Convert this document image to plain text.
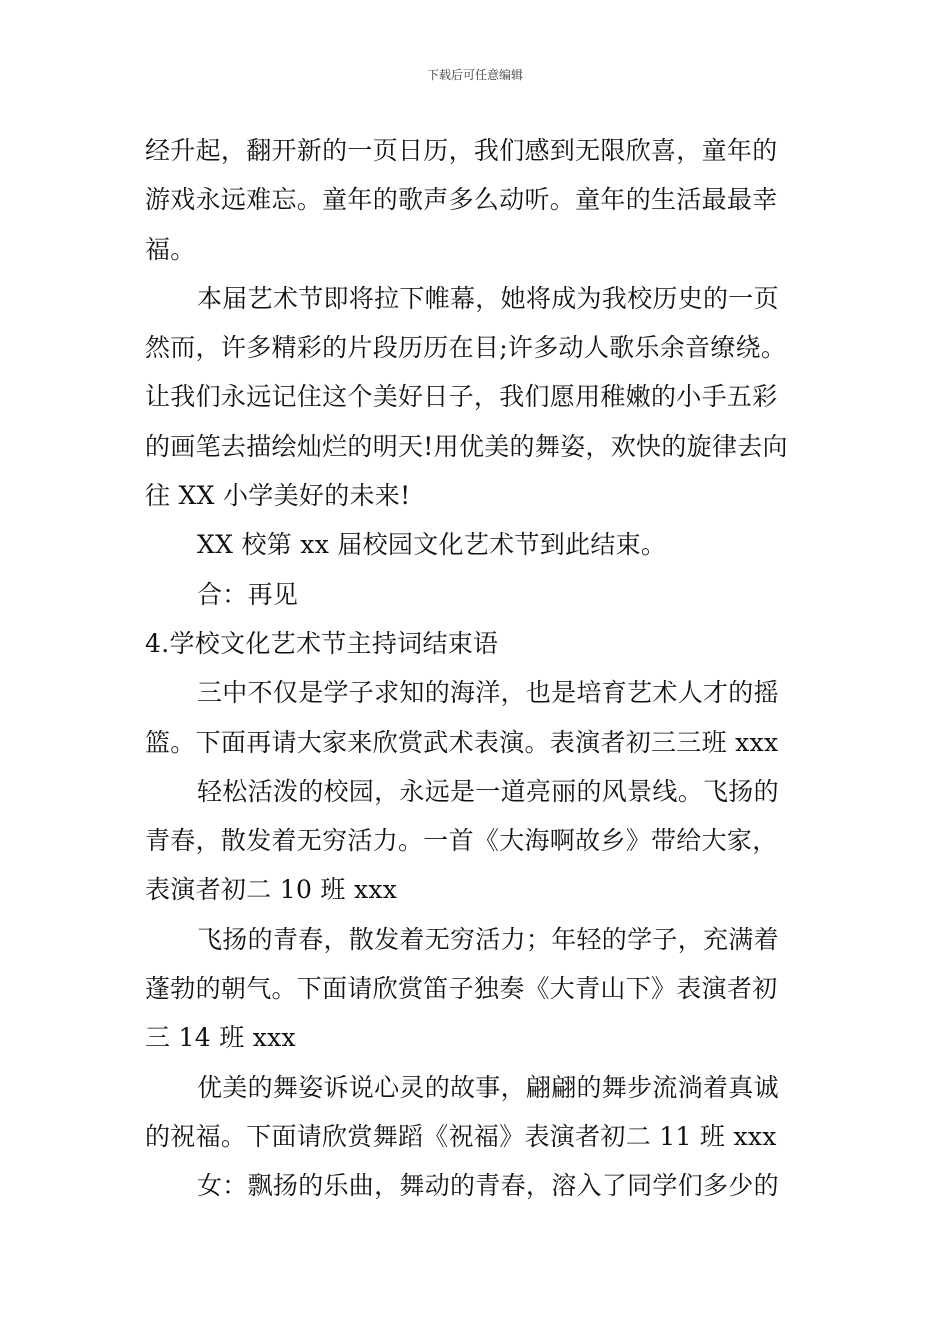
下载后可任意编辑
经升起，翻开新的一页日历，我们感到无限欣喜，童年的
游戏永远难忘。童年的歌声多么动听。童年的生活最最幸
福。
本届艺术节即将拉下帷幕，她将成为我校历史的一页
然而，许多精彩的片段历历在目;许多动人歌乐余音缭绕。
让我们永远记住这个美好日子，我们愿用稚嫩的小手五彩
的画笔去描绘灿烂的明天!用优美的舞姿，欢快的旋律去向
往 XX 小学美好的未来!
XX 校第 xx 届校园文化艺术节到此结束。
合：再见
4.学校文化艺术节主持词结束语
三中不仅是学子求知的海洋，也是培育艺术人才的摇
篮。下面再请大家来欣赏武术表演。表演者初三三班 xxx
轻松活泼的校园，永远是一道亮丽的风景线。飞扬的
青春，散发着无穷活力。一首《大海啊故乡》带给大家，
表演者初二 10 班 xxx
飞扬的青春，散发着无穷活力；年轻的学子，充满着
蓬勃的朝气。下面请欣赏笛子独奏《大青山下》表演者初
三 14 班 xxx
优美的舞姿诉说心灵的故事，翩翩的舞步流淌着真诚
的祝福。下面请欣赏舞蹈《祝福》表演者初二 11 班 xxx
女：飘扬的乐曲，舞动的青春，溶入了同学们多少的
